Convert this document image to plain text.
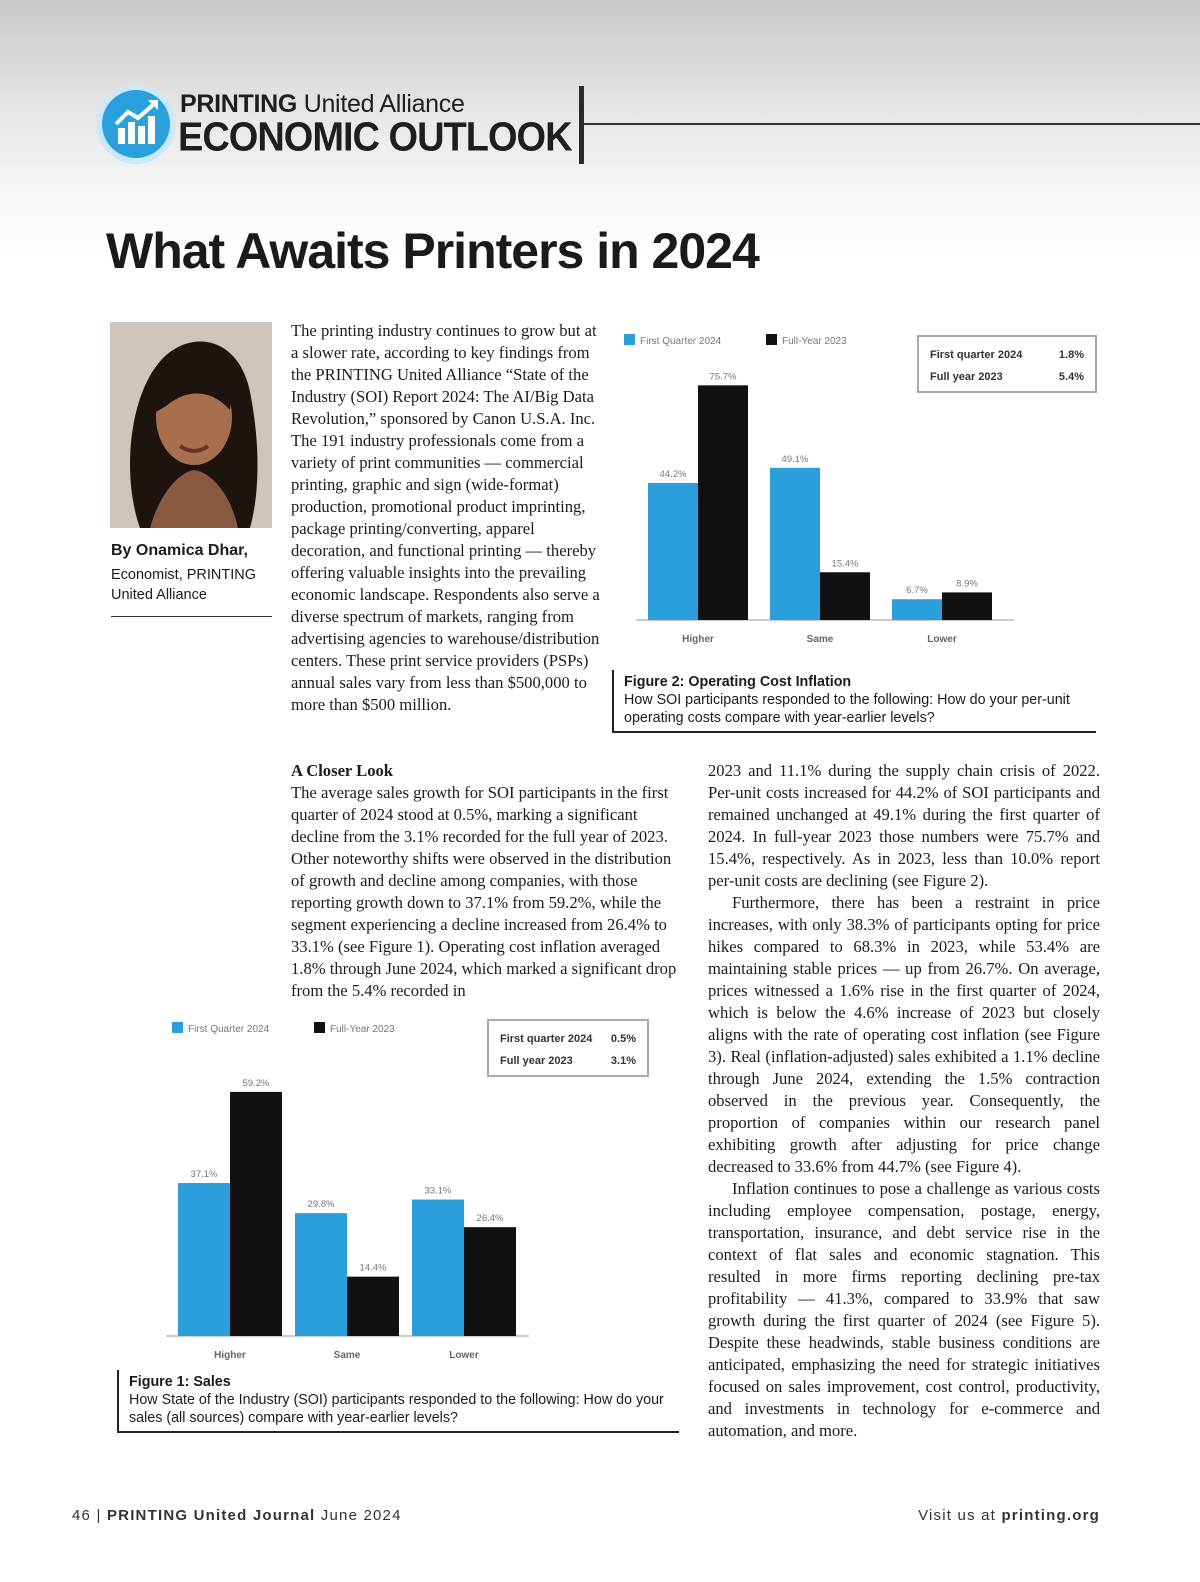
PRINTING United Alliance
ECONOMIC OUTLOOK
What Awaits Printers in 2024
By Onamica Dhar,
Economist, PRINTING United Alliance

The printing industry continues to grow but at a slower rate, according to key findings from the PRINTING United Alliance “State of the Industry (SOI) Report 2024: The AI/Big Data Revolution,” sponsored by Canon U.S.A. Inc. The 191 industry professionals come from a variety of print communities — commercial printing, graphic and sign (wide-format) production, promotional product imprinting, package printing/converting, apparel decoration, and functional printing — thereby offering valuable insights into the prevailing economic landscape. Respondents also serve a diverse spectrum of markets, ranging from advertising agencies to warehouse/distribution centers. These print service providers (PSPs) annual sales vary from less than $500,000 to more than $500 million.

First Quarter 2024	Full-Year 2023
First quarter 2024	1.8%
Full year 2023	5.4%
44.2%
75.7%
Higher
49.1%
15.4%
Same
6.7%
8.9%
Lower
Figure 2: Operating Cost Inflation
How SOI participants responded to the following: How do your per-unit operating costs compare with year-earlier levels?
A Closer Look
The average sales growth for SOI participants in the first quarter of 2024 stood at 0.5%, marking a significant decline from the 3.1% recorded for the full year of 2023. Other noteworthy shifts were observed in the distribution of growth and decline among companies, with those reporting growth down to 37.1% from 59.2%, while the segment experiencing a decline increased from 26.4% to 33.1% (see Figure 1). Operating cost inflation averaged 1.8% through June 2024, which marked a significant drop from the 5.4% recorded in

2023 and 11.1% during the supply chain crisis of 2022. Per-unit costs increased for 44.2% of SOI participants and remained unchanged at 49.1% during the first quarter of 2024. In full-year 2023 those numbers were 75.7% and 15.4%, respectively. As in 2023, less than 10.0% report per-unit costs are declining (see Figure 2).

Furthermore, there has been a restraint in price increases, with only 38.3% of participants opting for price hikes compared to 68.3% in 2023, while 53.4% are maintaining stable prices — up from 26.7%. On average, prices witnessed a 1.6% rise in the first quarter of 2024, which is below the 4.6% increase of 2023 but closely aligns with the rate of operating cost inflation (see Figure 3). Real (inflation-adjusted) sales exhibited a 1.1% decline through June 2024, extending the 1.5% contraction observed in the previous year. Consequently, the proportion of companies within our research panel exhibiting growth after adjusting for price change decreased to 33.6% from 44.7% (see Figure 4).

Inflation continues to pose a challenge as various costs including employee compensation, postage, energy, transportation, insurance, and debt service rise in the context of flat sales and economic stagnation. This resulted in more firms reporting declining pre-tax profitability — 41.3%, compared to 33.9% that saw growth during the first quarter of 2024 (see Figure 5). Despite these headwinds, stable business conditions are anticipated, emphasizing the need for strategic initiatives focused on sales improvement, cost control, productivity, and investments in technology for e-commerce and automation, and more.

First Quarter 2024	Full-Year 2023
First quarter 2024 0.5%
Full year 2023	3.1%
37.1%
59.2%
Higher
29.8%
14.4%
Same
33.1%
26.4%
Lower
Figure 1: Sales
How State of the Industry (SOI) participants responded to the following: How do your sales (all sources) compare with year-earlier levels?
46 | PRINTING United Journal June 2024	Visit us at printing.org
